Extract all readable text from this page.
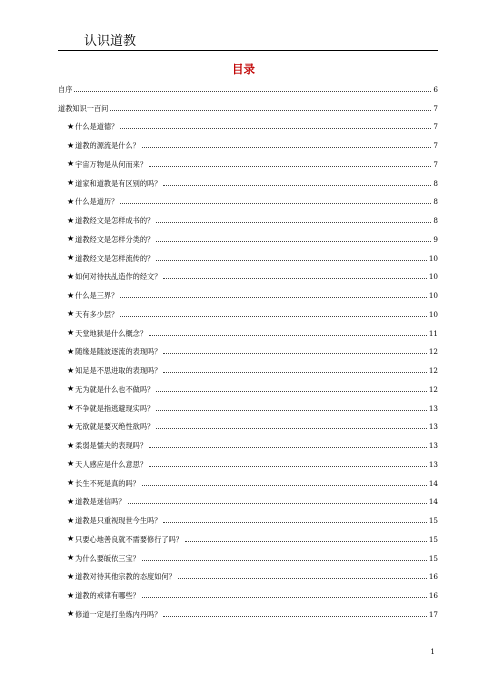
认识道教
目录
自序	6
道教知识一百问	7
★ 什么是道德？	7
★ 道教的源流是什么？	7
★ 宇宙万物是从何而来？	7
★ 道家和道教是有区别的吗？	8
★ 什么是道历？	8
★ 道教经文是怎样成书的？	8
★ 道教经文是怎样分类的？	9
★ 道教经文是怎样流传的？	10
★ 如何对待扶乩造作的经文？	10
★ 什么是三界？	10
★ 天有多少层？	10
★ 天堂地狱是什么概念？	11
★ 随缘是随波逐流的表现吗？	12
★ 知足是不思进取的表现吗？	12
★ 无为就是什么也不做吗？	12
★ 不争就是指逃避现实吗？	13
★ 无欲就是要灭绝性欲吗？	13
★ 柔弱是懦夫的表现吗？	13
★ 天人感应是什么意思？	13
★ 长生不死是真的吗？	14
★ 道教是迷信吗？	14
★ 道教是只重视现世今生吗？	15
★ 只要心地善良就不需要修行了吗？	15
★ 为什么要皈依三宝？	15
★ 道教对待其他宗教的态度如何？	16
★ 道教的戒律有哪些？	16
★ 修道一定是打坐炼内丹吗？	17
1
